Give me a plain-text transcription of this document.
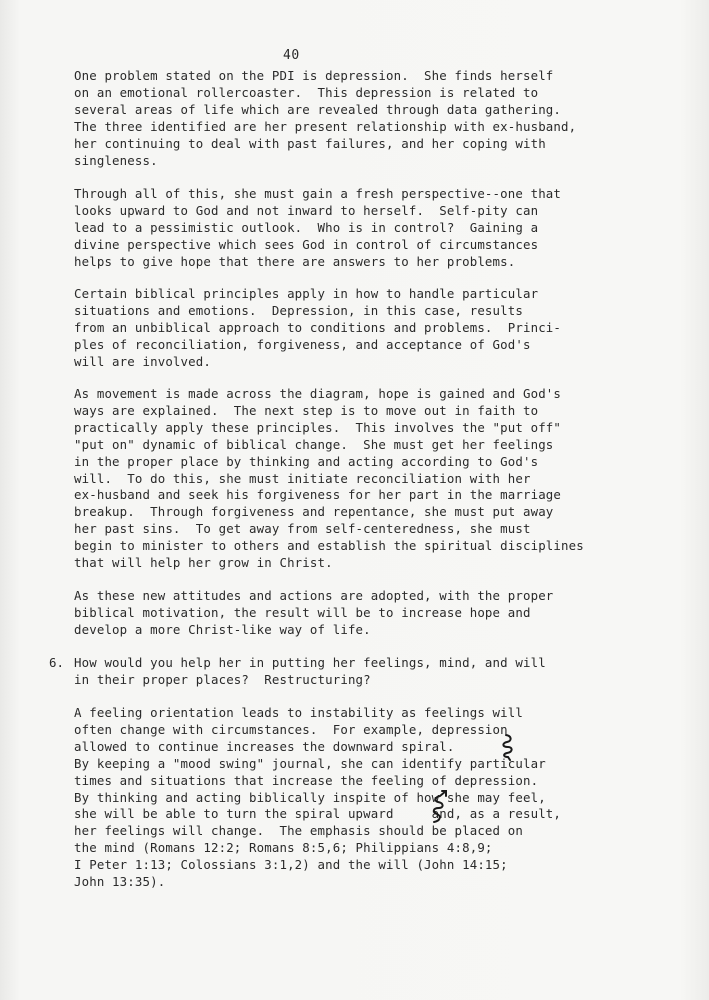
40

One problem stated on the PDI is depression.  She finds herself
on an emotional rollercoaster.  This depression is related to
several areas of life which are revealed through data gathering.
The three identified are her present relationship with ex-husband,
her continuing to deal with past failures, and her coping with
singleness.

Through all of this, she must gain a fresh perspective--one that
looks upward to God and not inward to herself.  Self-pity can
lead to a pessimistic outlook.  Who is in control?  Gaining a
divine perspective which sees God in control of circumstances
helps to give hope that there are answers to her problems.

Certain biblical principles apply in how to handle particular
situations and emotions.  Depression, in this case, results
from an unbiblical approach to conditions and problems.  Princi-
ples of reconciliation, forgiveness, and acceptance of God's
will are involved.

As movement is made across the diagram, hope is gained and God's
ways are explained.  The next step is to move out in faith to
practically apply these principles.  This involves the "put off"
"put on" dynamic of biblical change.  She must get her feelings
in the proper place by thinking and acting according to God's
will.  To do this, she must initiate reconciliation with her
ex-husband and seek his forgiveness for her part in the marriage
breakup.  Through forgiveness and repentance, she must put away
her past sins.  To get away from self-centeredness, she must
begin to minister to others and establish the spiritual disciplines
that will help her grow in Christ.

As these new attitudes and actions are adopted, with the proper
biblical motivation, the result will be to increase hope and
develop a more Christ-like way of life.

6. How would you help her in putting her feelings, mind, and will
in their proper places?  Restructuring?

A feeling orientation leads to instability as feelings will
often change with circumstances.  For example, depression
allowed to continue increases the downward spiral.
By keeping a "mood swing" journal, she can identify particular
times and situations that increase the feeling of depression.
By thinking and acting biblically inspite of how she may feel,
she will be able to turn the spiral upward     and, as a result,
her feelings will change.  The emphasis should be placed on
the mind (Romans 12:2; Romans 8:5,6; Philippians 4:8,9;
I Peter 1:13; Colossians 3:1,2) and the will (John 14:15;
John 13:35).
